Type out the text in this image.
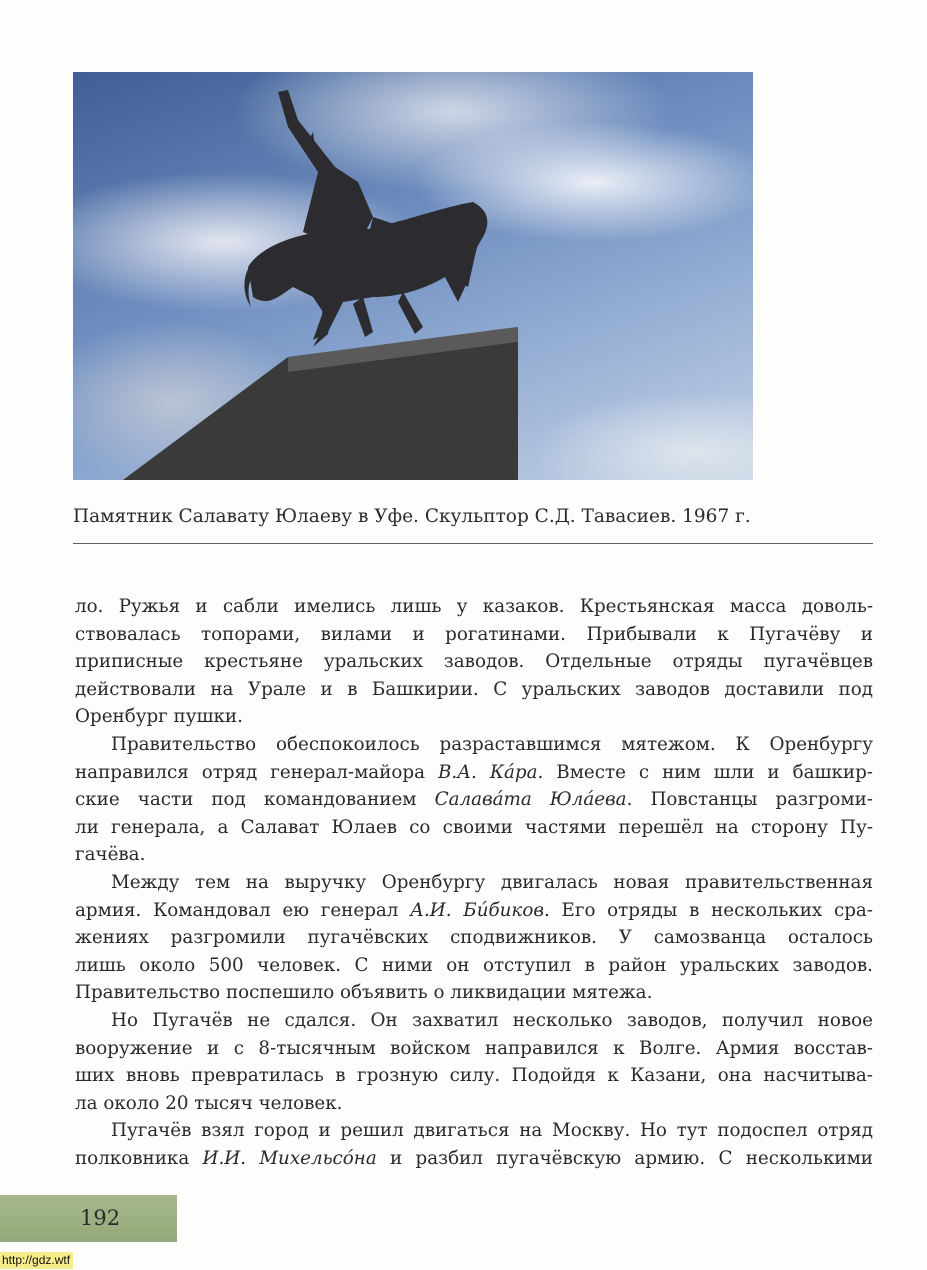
Памятник Салавату Юлаеву в Уфе. Скульптор С.Д. Тавасиев. 1967 г.
ло. Ружья и сабли имелись лишь у казаков. Крестьянская масса доволь-
ствовалась топорами, вилами и рогатинами. Прибывали к Пугачёву и
приписные крестьяне уральских заводов. Отдельные отряды пугачёвцев
действовали на Урале и в Башкирии. С уральских заводов доставили под
Оренбург пушки.
Правительство обеспокоилось разраставшимся мятежом. К Оренбургу
направился отряд генерал-майора В.А. Ка́ра. Вместе с ним шли и башкир-
ские части под командованием Салава́та Юла́ева. Повстанцы разгроми-
ли генерала, а Салават Юлаев со своими частями перешёл на сторону Пу-
гачёва.
Между тем на выручку Оренбургу двигалась новая правительственная
армия. Командовал ею генерал А.И. Би́биков. Его отряды в нескольких сра-
жениях разгромили пугачёвских сподвижников. У самозванца осталось
лишь около 500 человек. С ними он отступил в район уральских заводов.
Правительство поспешило объявить о ликвидации мятежа.
Но Пугачёв не сдался. Он захватил несколько заводов, получил новое
вооружение и с 8-тысячным войском направился к Волге. Армия восстав-
ших вновь превратилась в грозную силу. Подойдя к Казани, она насчитыва-
ла около 20 тысяч человек.
Пугачёв взял город и решил двигаться на Москву. Но тут подоспел отряд
полковника И.И. Михельсо́на и разбил пугачёвскую армию. С несколькими
192
http://gdz.wtf
